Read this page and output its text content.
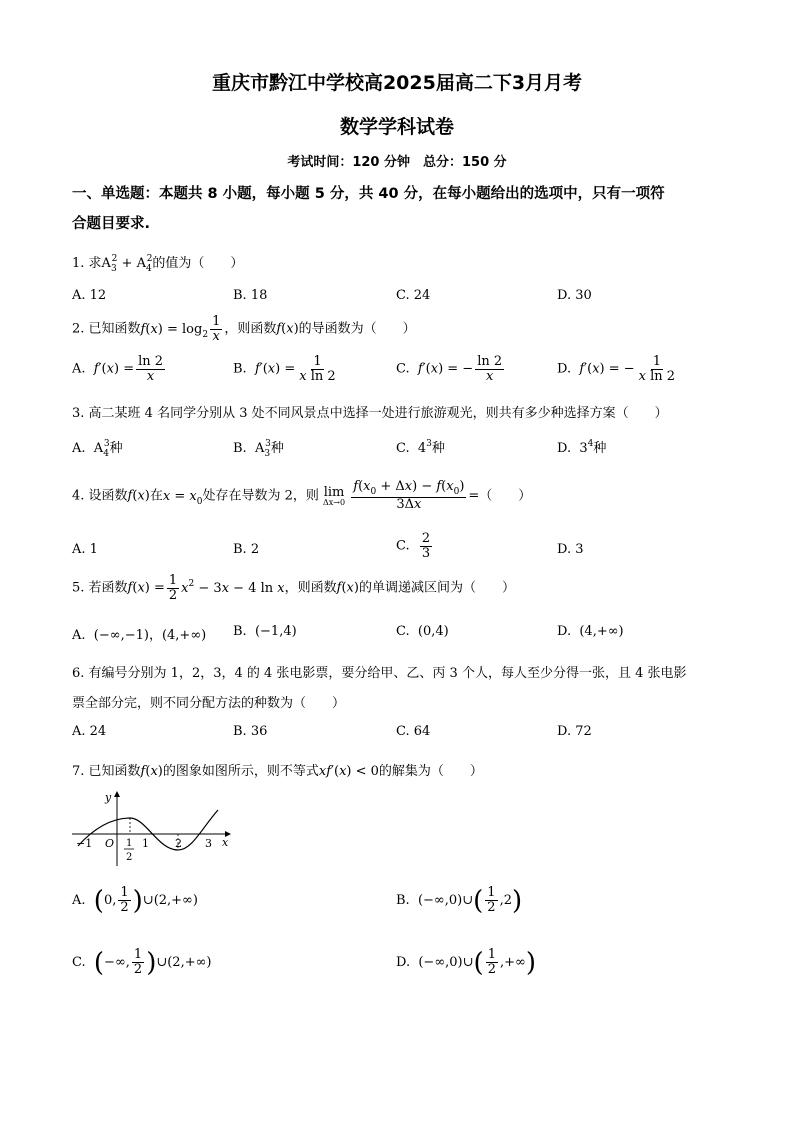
重庆市黔江中学校高2025届高二下3月月考
数学学科试卷
考试时间：120 分钟　总分：150 分
一、单选题：本题共 8 小题，每小题 5 分，共 40 分，在每小题给出的选项中，只有一项符
合题目要求.
1. 求$A_3^2 + A_4^2$的值为（　　）
A. 12	B. 18	C. 24	D. 30
2. 已知函数$f(x) = \log_2 \frac{1}{x}$ ，则函数f(x)的导函数为（　　）
A.  $f'(x) = \frac{\ln 2}{x}$	B.  $f'(x) = \frac{1}{\text{x ln 2}}$	C.  f′(x) = − $\frac{\ln 2}{x}$	D.  f′(x) = − $\frac{1}{\text{x ln 2}}$
3. 高二某班 4 名同学分别从 3 处不同风景点中选择一处进行旅游观光，则共有多少种选择方案（　　）
A.  $A_4^3$种	B.  $A_3^3$种	C.  $4^3$种	D.  $3^4$种
4. 设函数f(x)在$x = x_0$处存在导数为 2，则 lim
Δx→0
$\frac{f(x_0 + \Delta x) - f(x_0)}{3\Delta x}$ =（　　）
A. 1	B. 2	C. $\frac{2}{3}$	D. 3
5. 若函数$f(x) = \frac{1}{2} x^2 - 3x - 4$ ln x，则函数f(x)的单调递减区间为（　　）
A.  (−∞,−1)，(4,+∞) B.  (−1,4)	C.  (0,4)	D.  (4,+∞)
6. 有编号分别为 1，2，3，4 的 4 张电影票，要分给甲、乙、丙 3 个人，每人至少分得一张，且 4 张电影
票全部分完，则不同分配方法的种数为（　　）
A. 24	B. 36	C. 64	D. 72
7. 已知函数f(x)的图象如图所示，则不等式xf′(x) < 0的解集为（　　）
y
x
O
−1	1 2 3
1
2
A.  (0, $\frac{1}{2}$ )∪(2,+∞)	B.  (−∞,0)∪( $\frac{1}{2} ,2$)
C.  (−∞, $\frac{1}{2}$ )∪(2,+∞)	D.  (−∞,0)∪( $\frac{1}{2}$ ,+∞)
